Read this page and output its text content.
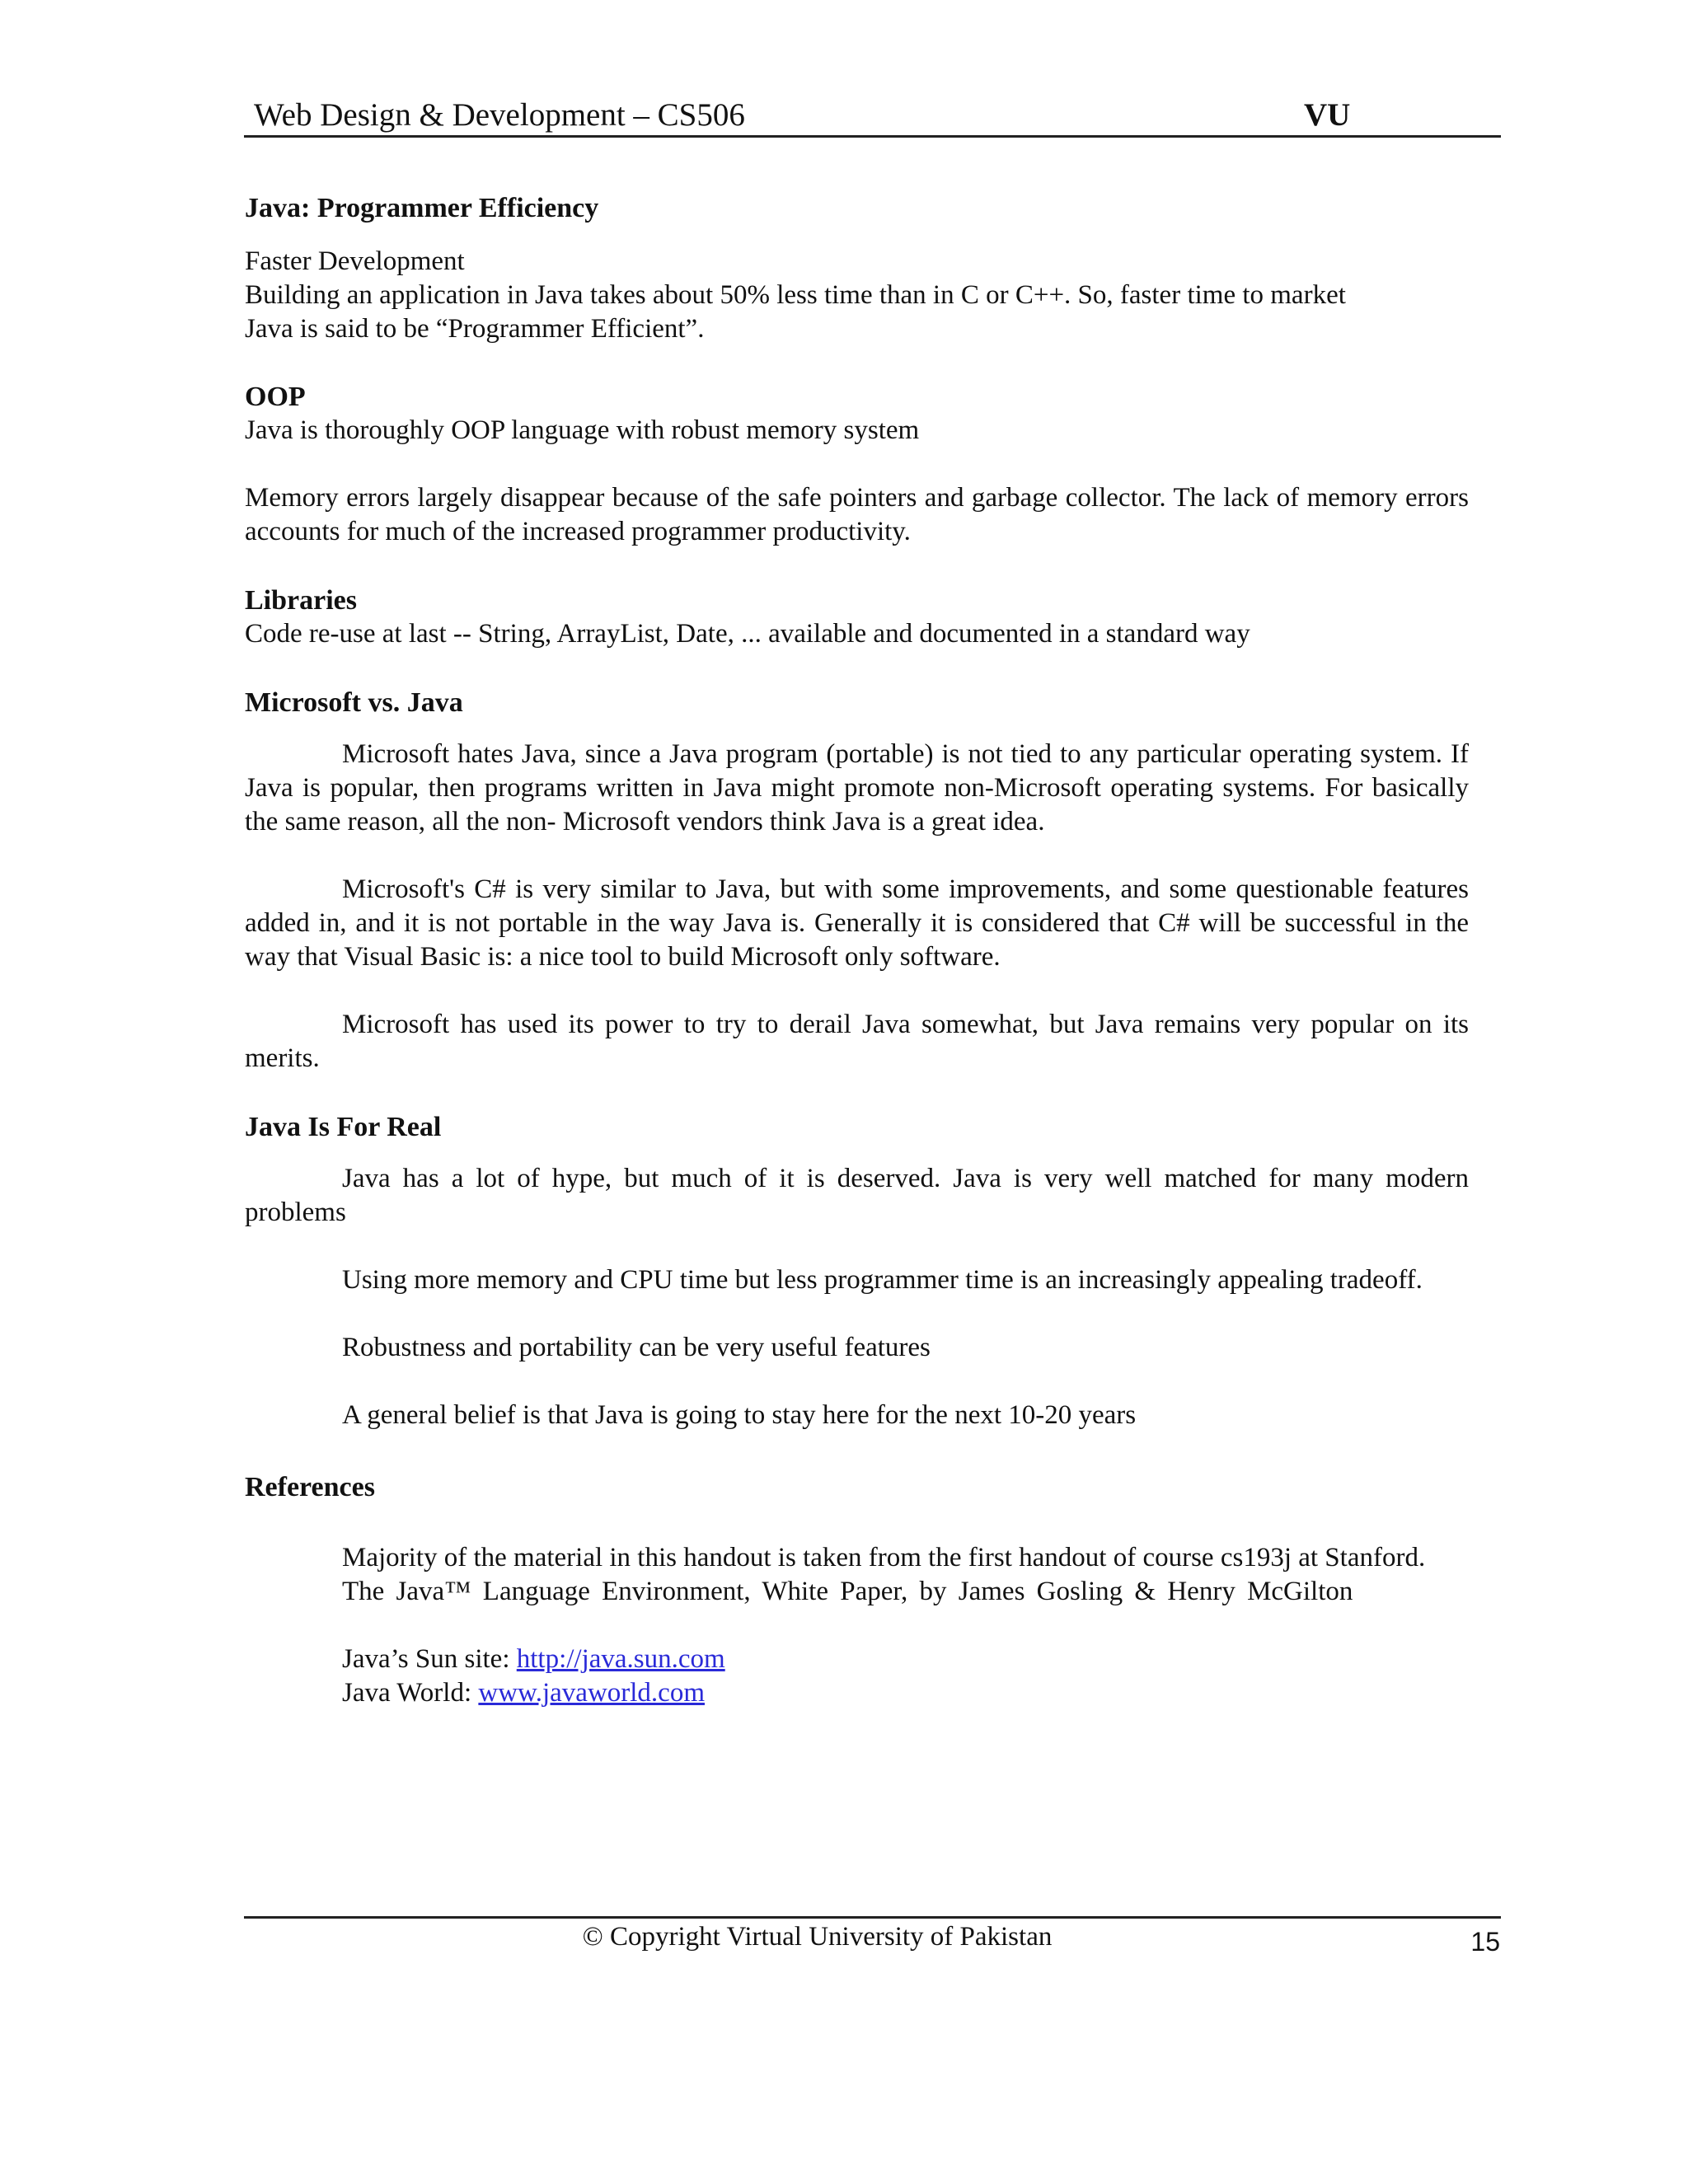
Web Design & Development – CS506	VU

Java: Programmer Efficiency

Faster Development

Building an application in Java takes about 50% less time than in C or C++. So, faster time to market

Java is said to be “Programmer Efficient”.

OOP

Java is thoroughly OOP language with robust memory system

Memory errors largely disappear because of the safe pointers and garbage collector. The lack of memory errors accounts for much of the increased programmer productivity.

Libraries

Code re-use at last -- String, ArrayList, Date, ... available and documented in a standard way

Microsoft vs. Java

Microsoft hates Java, since a Java program (portable) is not tied to any particular operating system. If Java is popular, then programs written in Java might promote non-Microsoft operating systems. For basically the same reason, all the non- Microsoft vendors think Java is a great idea.

Microsoft's C# is very similar to Java, but with some improvements, and some questionable features added in, and it is not portable in the way Java is. Generally it is considered that C# will be successful in the way that Visual Basic is: a nice tool to build Microsoft only software.

Microsoft has used its power to try to derail Java somewhat, but Java remains very popular on its merits.

Java Is For Real

Java has a lot of hype, but much of it is deserved. Java is very well matched for many modern problems

Using more memory and CPU time but less programmer time is an increasingly appealing tradeoff.

Robustness and portability can be very useful features

A general belief is that Java is going to stay here for the next 10-20 years

References

Majority of the material in this handout is taken from the first handout of course cs193j at Stanford.

The Java™ Language Environment, White Paper, by James Gosling & Henry McGilton

Java’s Sun site: http://java.sun.com

Java World: www.javaworld.com

© Copyright Virtual University of Pakistan	15
